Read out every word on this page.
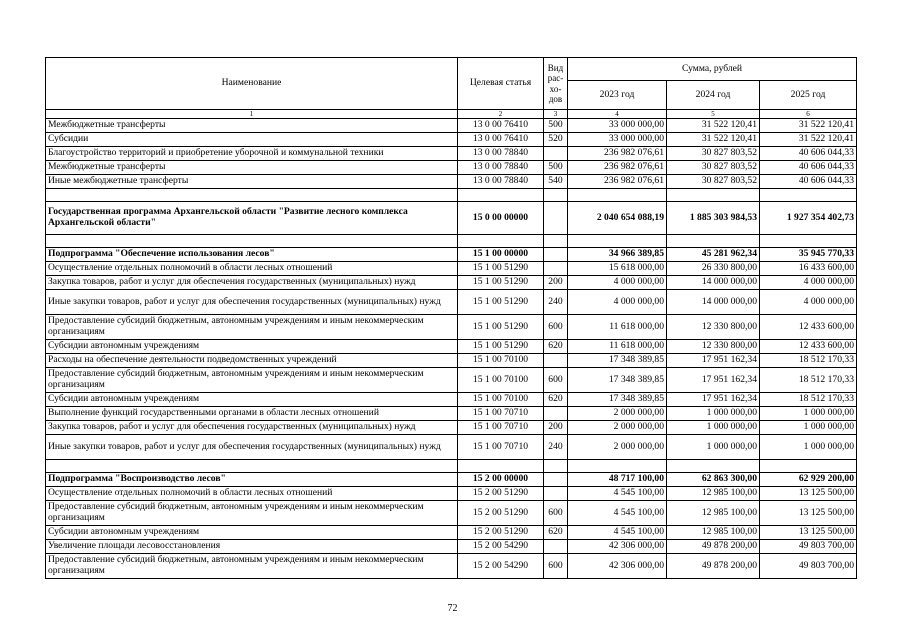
Наименование	Целевая статья	Вид рас-хо-дов	Сумма, рублей		
			2023 год	2024 год	2025 год
1	2	3	4	5	6
Межбюджетные трансферты	13 0 00 76410	500	33 000 000,00	31 522 120,41	31 522 120,41
Субсидии	13 0 00 76410	520	33 000 000,00	31 522 120,41	31 522 120,41
Благоустройство территорий и приобретение уборочной и коммунальной техники	13 0 00 78840		236 982 076,61	30 827 803,52	40 606 044,33
Межбюджетные трансферты	13 0 00 78840	500	236 982 076,61	30 827 803,52	40 606 044,33
Иные межбюджетные трансферты	13 0 00 78840	540	236 982 076,61	30 827 803,52	40 606 044,33

Государственная программа Архангельской области "Развитие лесного комплекса Архангельской области"	15 0 00 00000		2 040 654 088,19	1 885 303 984,53	1 927 354 402,73

Подпрограмма "Обеспечение использования лесов"	15 1 00 00000		34 966 389,85	45 281 962,34	35 945 770,33
Осуществление отдельных полномочий в области лесных отношений	15 1 00 51290		15 618 000,00	26 330 800,00	16 433 600,00
Закупка товаров, работ и услуг для обеспечения государственных (муниципальных) нужд	15 1 00 51290	200	4 000 000,00	14 000 000,00	4 000 000,00
Иные закупки товаров, работ и услуг для обеспечения государственных (муниципальных) нужд	15 1 00 51290	240	4 000 000,00	14 000 000,00	4 000 000,00
Предоставление субсидий бюджетным, автономным учреждениям и иным некоммерческим организациям	15 1 00 51290	600	11 618 000,00	12 330 800,00	12 433 600,00
Субсидии автономным учреждениям	15 1 00 51290	620	11 618 000,00	12 330 800,00	12 433 600,00
Расходы на обеспечение деятельности подведомственных учреждений	15 1 00 70100		17 348 389,85	17 951 162,34	18 512 170,33
Предоставление субсидий бюджетным, автономным учреждениям и иным некоммерческим организациям	15 1 00 70100	600	17 348 389,85	17 951 162,34	18 512 170,33
Субсидии автономным учреждениям	15 1 00 70100	620	17 348 389,85	17 951 162,34	18 512 170,33
Выполнение функций государственными органами в области лесных отношений	15 1 00 70710		2 000 000,00	1 000 000,00	1 000 000,00
Закупка товаров, работ и услуг для обеспечения государственных (муниципальных) нужд	15 1 00 70710	200	2 000 000,00	1 000 000,00	1 000 000,00
Иные закупки товаров, работ и услуг для обеспечения государственных (муниципальных) нужд	15 1 00 70710	240	2 000 000,00	1 000 000,00	1 000 000,00

Подпрограмма "Воспроизводство лесов"	15 2 00 00000		48 717 100,00	62 863 300,00	62 929 200,00
Осуществление отдельных полномочий в области лесных отношений	15 2 00 51290		4 545 100,00	12 985 100,00	13 125 500,00
Предоставление субсидий бюджетным, автономным учреждениям и иным некоммерческим организациям	15 2 00 51290	600	4 545 100,00	12 985 100,00	13 125 500,00
Субсидии автономным учреждениям	15 2 00 51290	620	4 545 100,00	12 985 100,00	13 125 500,00
Увеличение площади лесовосстановления	15 2 00 54290		42 306 000,00	49 878 200,00	49 803 700,00
Предоставление субсидий бюджетным, автономным учреждениям и иным некоммерческим организациям	15 2 00 54290	600	42 306 000,00	49 878 200,00	49 803 700,00
72
